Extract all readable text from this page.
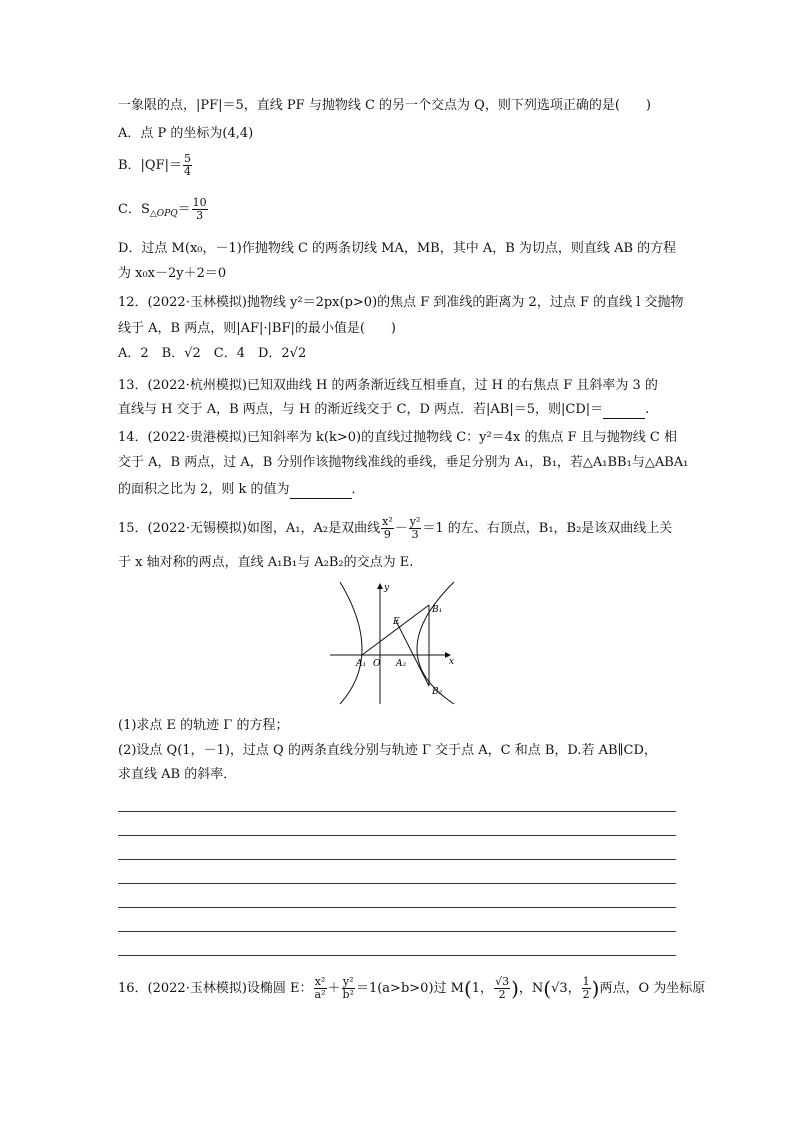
一象限的点，|PF|＝5，直线 PF 与抛物线 C 的另一个交点为 Q，则下列选项正确的是(　　)
A．点 P 的坐标为(4,4)
B．$|QF|= \frac{5}{4}$
C．$S_{\triangle OPQ}= \frac{10}{3}$
D．过点 M(x₀，－1)作抛物线 C 的两条切线 MA，MB，其中 A，B 为切点，则直线 AB 的方程
为 x₀x－2y＋2＝0
12．(2022·玉林模拟)抛物线 y²＝2px(p>0)的焦点 F 到准线的距离为 2，过点 F 的直线 l 交抛物
线于 A，B 两点，则|AF|·|BF|的最小值是(　　)
A．2　B．√2　C．4　D．2√2
13．(2022·杭州模拟)已知双曲线 H 的两条渐近线互相垂直，过 H 的右焦点 F 且斜率为 3 的
直线与 H 交于 A，B 两点，与 H 的渐近线交于 C，D 两点．若|AB|＝5，则|CD|＝	.
14．(2022·贵港模拟)已知斜率为 k(k>0)的直线过抛物线 C：y²＝4x 的焦点 F 且与抛物线 C 相
交于 A，B 两点，过 A，B 分别作该抛物线准线的垂线，垂足分别为 A₁，B₁，若△A₁BB₁与△ABA₁
的面积之比为 2，则 k 的值为	．
15．(2022·无锡模拟)如图，A₁，A₂是双曲线 $\frac{\text{x²}}{9} - \frac{\text{y²}}{3} =1$ 的左、右顶点，B₁，B₂是该双曲线上关
于 x 轴对称的两点，直线 A₁B₁与 A₂B₂的交点为 E.
y
x
O
A₁	A₂
B₁
B₂
E
(1)求点 E 的轨迹 Γ 的方程；
(2)设点 Q(1，－1)，过点 Q 的两条直线分别与轨迹 Γ 交于点 A，C 和点 B，D.若 AB∥CD，
求直线 AB 的斜率．
16．(2022·玉林模拟)设椭圆 E： $\frac{\text{x²}}{\text{a²}} + \frac{\text{y²}}{\text{b²}} =1(a>b>0)$过 M(1， $\frac{√3}{2}$ )，N(√3， $\frac{1}{2}$ )两点，O 为坐标原
